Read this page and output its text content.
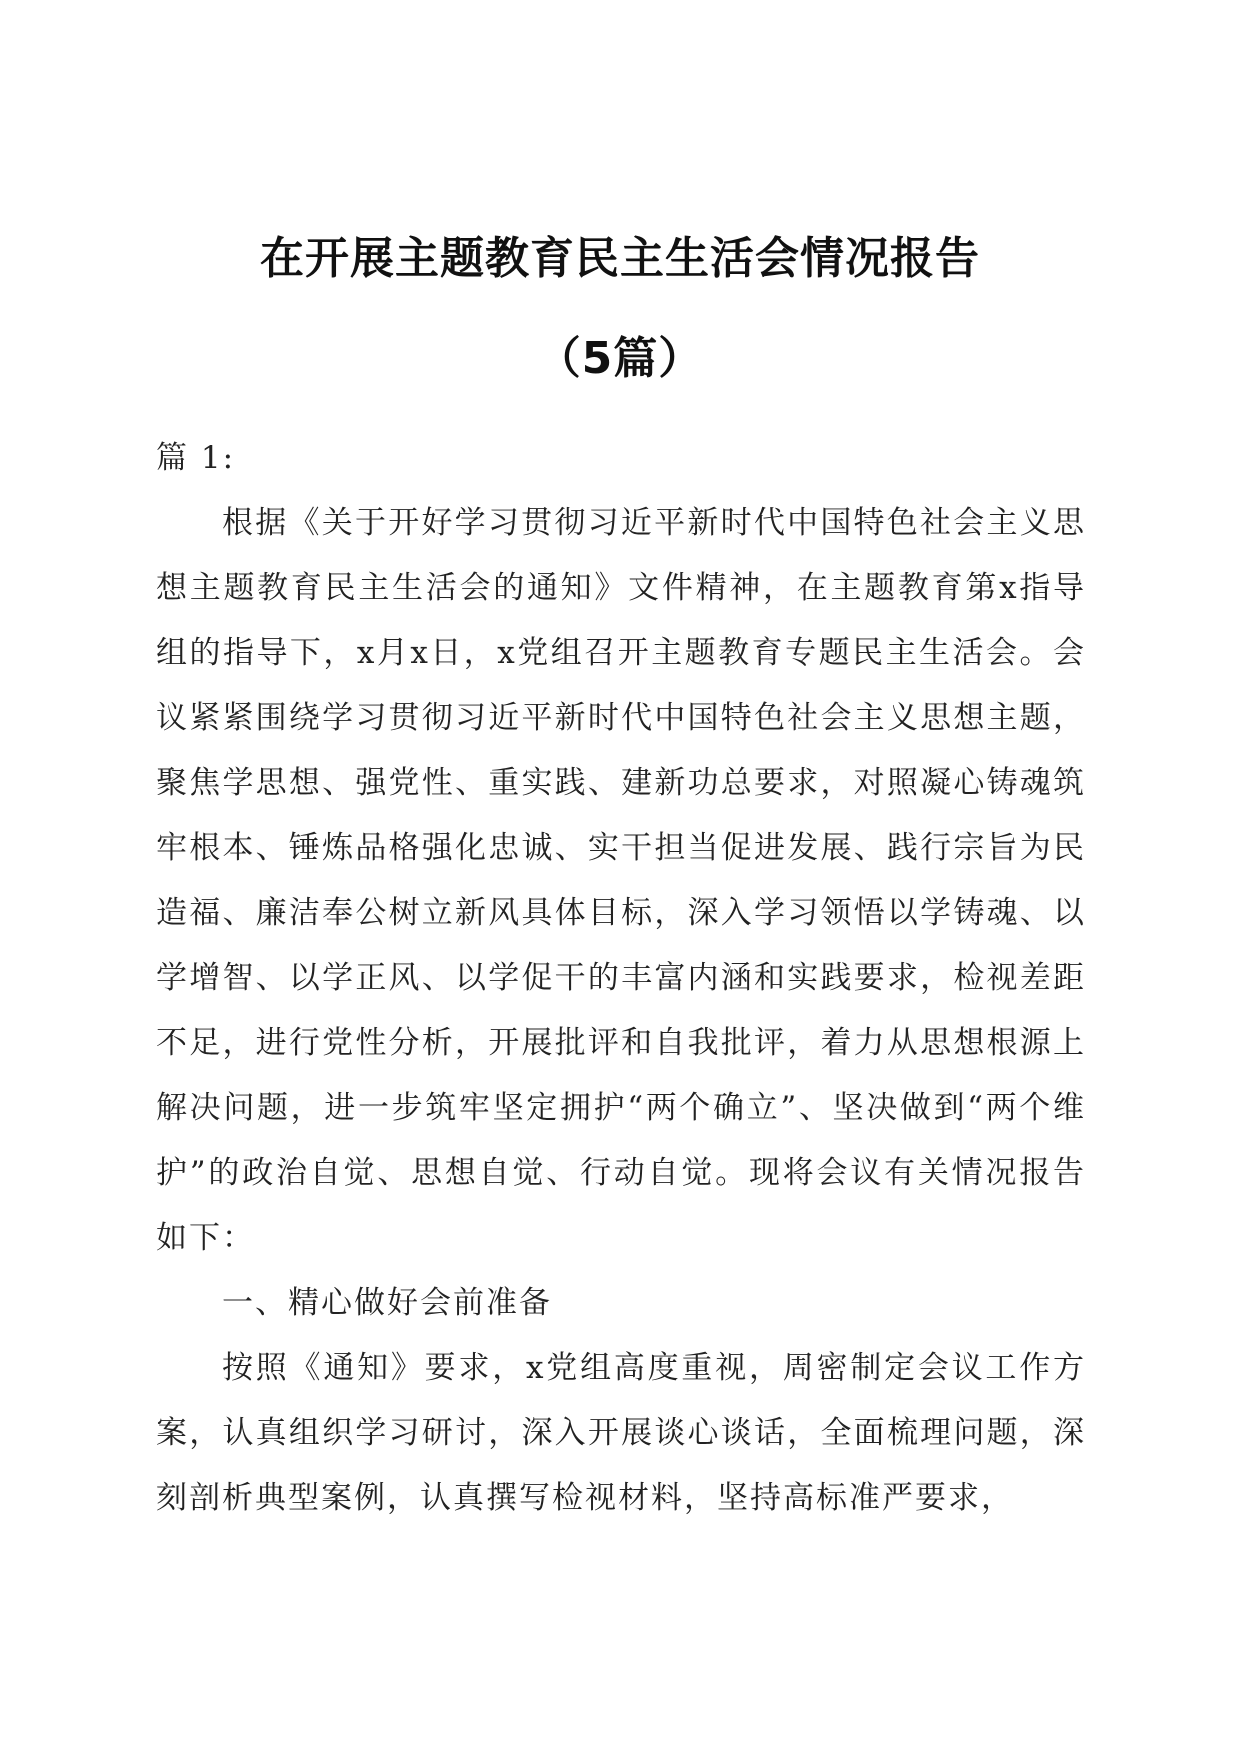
在开展主题教育民主生活会情况报告
（5篇）

篇 1:

根据《关于开好学习贯彻习近平新时代中国特色社会主义思想主题教育民主生活会的通知》文件精神，在主题教育第x指导组的指导下，x月x日，x党组召开主题教育专题民主生活会。会议紧紧围绕学习贯彻习近平新时代中国特色社会主义思想主题，聚焦学思想、强党性、重实践、建新功总要求，对照凝心铸魂筑牢根本、锤炼品格强化忠诚、实干担当促进发展、践行宗旨为民造福、廉洁奉公树立新风具体目标，深入学习领悟以学铸魂、以学增智、以学正风、以学促干的丰富内涵和实践要求，检视差距不足，进行党性分析，开展批评和自我批评，着力从思想根源上解决问题，进一步筑牢坚定拥护“两个确立”、坚决做到“两个维护”的政治自觉、思想自觉、行动自觉。现将会议有关情况报告如下：

一、精心做好会前准备

按照《通知》要求，x党组高度重视，周密制定会议工作方案，认真组织学习研讨，深入开展谈心谈话，全面梳理问题，深刻剖析典型案例，认真撰写检视材料，坚持高标准严要求，
